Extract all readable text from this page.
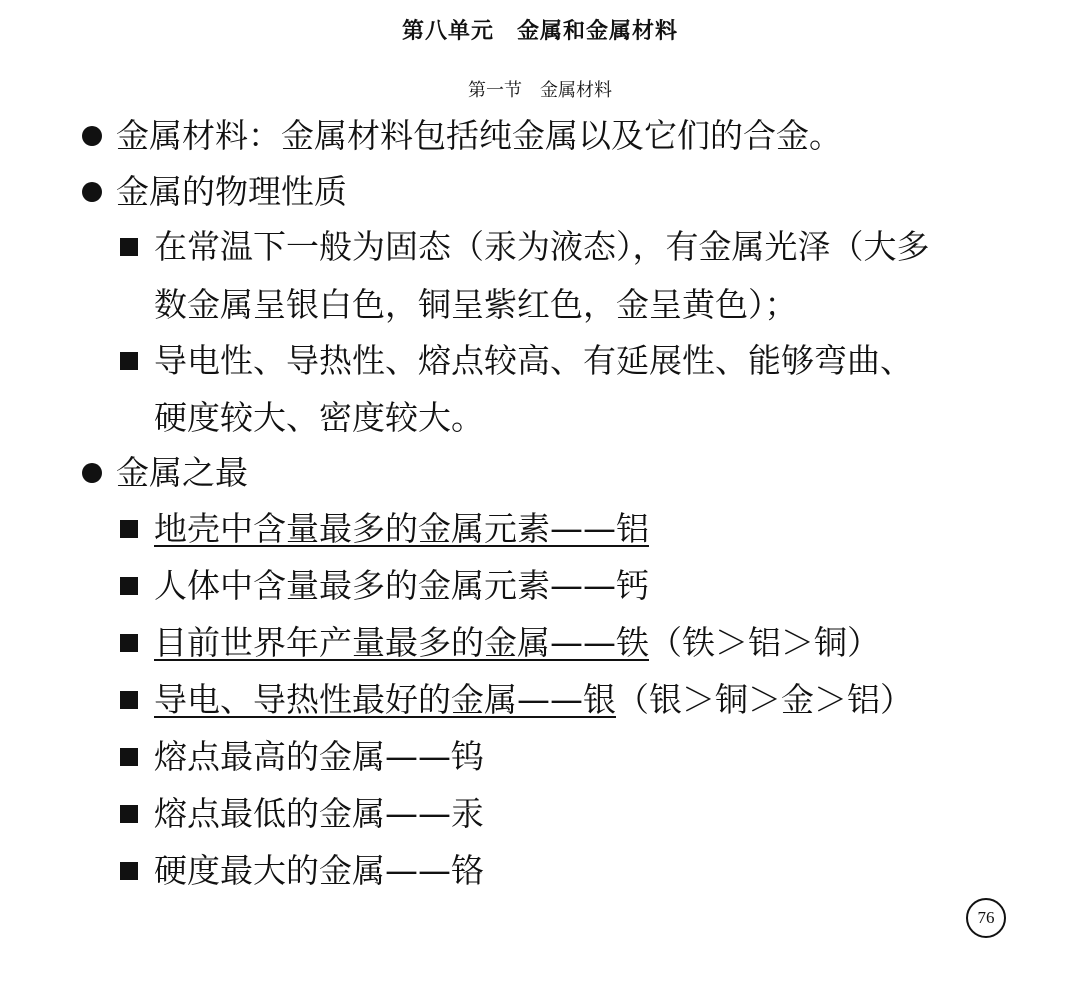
第八单元　金属和金属材料
第一节　金属材料
金属材料：金属材料包括纯金属以及它们的合金。
金属的物理性质
在常温下一般为固态（汞为液态），有金属光泽（大多
数金属呈银白色，铜呈紫红色，金呈黄色）；
导电性、导热性、熔点较高、有延展性、能够弯曲、
硬度较大、密度较大。
金属之最
地壳中含量最多的金属元素——铝
人体中含量最多的金属元素——钙
目前世界年产量最多的金属——铁（铁＞铝＞铜）
导电、导热性最好的金属——银（银＞铜＞金＞铝）
熔点最高的金属——钨
熔点最低的金属——汞
硬度最大的金属——铬
76
